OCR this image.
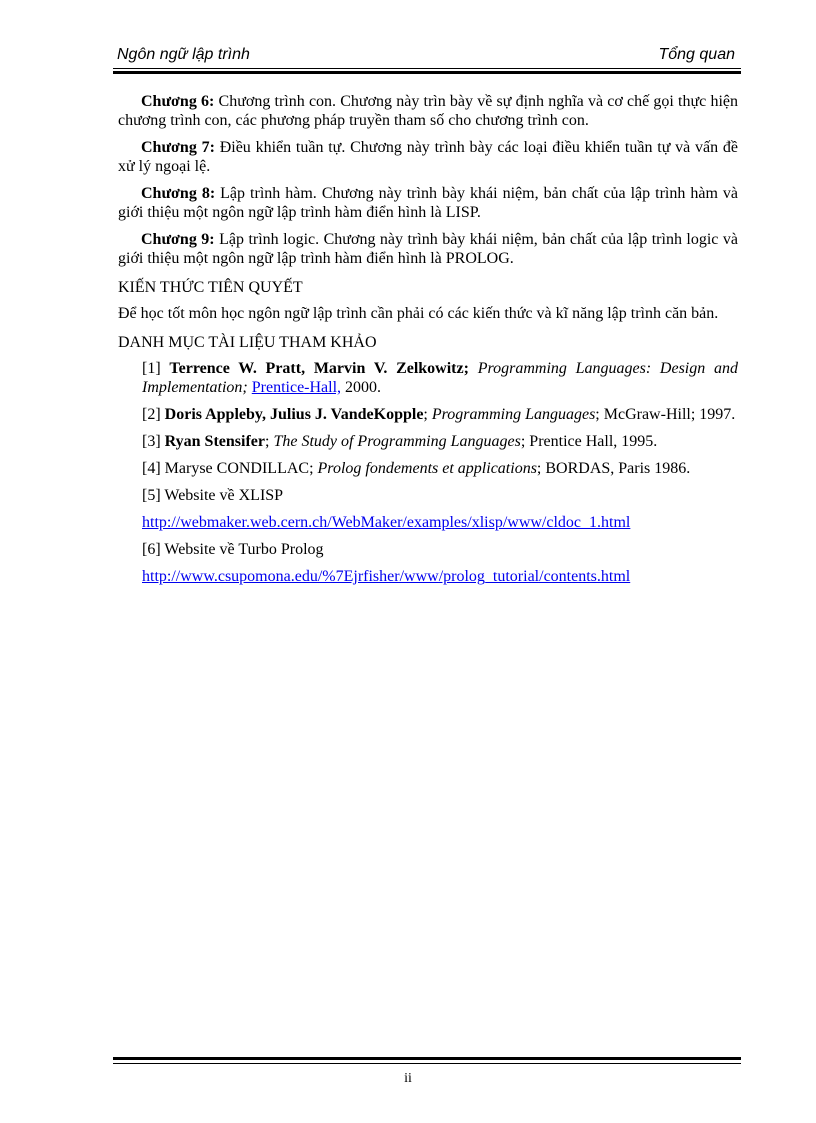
Ngôn ngữ lập trình	Tổng quan

Chương 6: Chương trình con. Chương này trìn bày về sự định nghĩa và cơ chế gọi thực hiện chương trình con, các phương pháp truyền tham số cho chương trình con.

Chương 7: Điều khiển tuần tự. Chương này trình bày các loại điều khiển tuần tự và vấn đề xử lý ngoại lệ.

Chương 8: Lập trình hàm. Chương này trình bày khái niệm, bản chất của lập trình hàm và giới thiệu một ngôn ngữ lập trình hàm điển hình là LISP.

Chương 9: Lập trình logic. Chương này trình bày khái niệm, bản chất của lập trình logic và giới thiệu một ngôn ngữ lập trình hàm điển hình là PROLOG.

KIẾN THỨC TIÊN QUYẾT

Để học tốt môn học ngôn ngữ lập trình cần phải có các kiến thức và kĩ năng lập trình căn bản.

DANH MỤC TÀI LIỆU THAM KHẢO

[1] Terrence W. Pratt, Marvin V. Zelkowitz; Programming Languages: Design and Implementation; Prentice-Hall, 2000.

[2] Doris Appleby, Julius J. VandeKopple; Programming Languages; McGraw-Hill; 1997.

[3] Ryan Stensifer; The Study of Programming Languages; Prentice Hall, 1995.

[4] Maryse CONDILLAC; Prolog fondements et applications; BORDAS, Paris 1986.

[5] Website về XLISP

http://webmaker.web.cern.ch/WebMaker/examples/xlisp/www/cldoc_1.html

[6] Website về Turbo Prolog

http://www.csupomona.edu/%7Ejrfisher/www/prolog_tutorial/contents.html

ii
